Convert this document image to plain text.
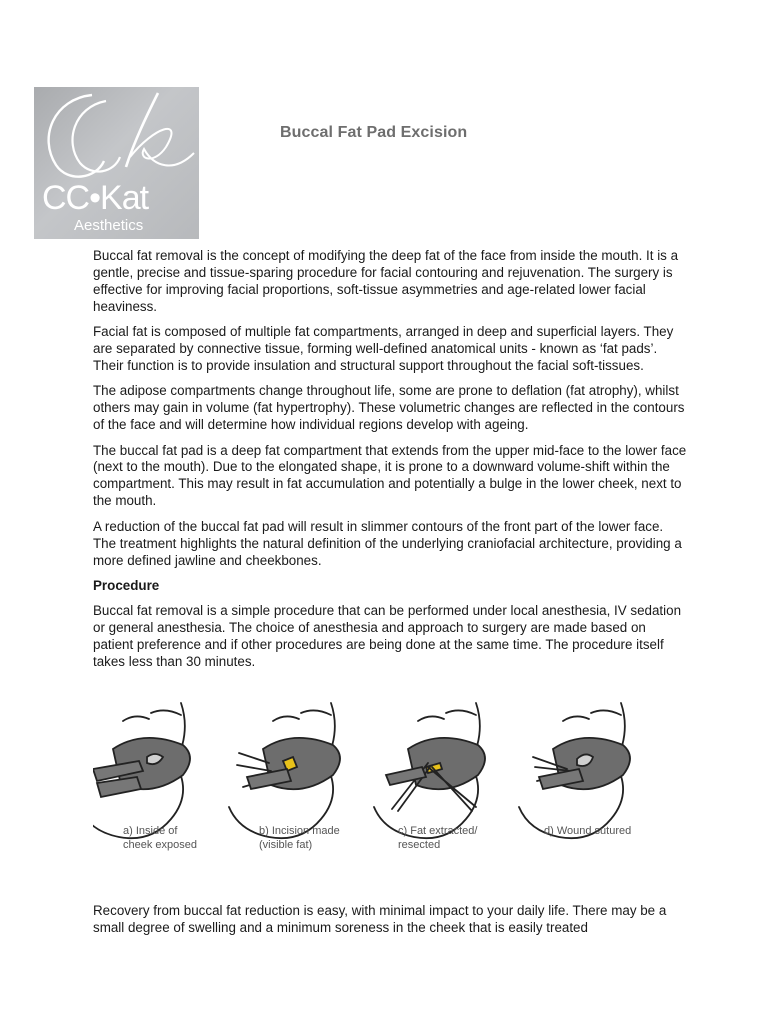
CC•Kat
Aesthetics
Buccal Fat Pad Excision

Buccal fat removal is the concept of modifying the deep fat of the face from inside the mouth. It is a gentle, precise and tissue-sparing procedure for facial contouring and rejuvenation. The surgery is effective for improving facial proportions, soft-tissue asymmetries and age-related lower facial heaviness.

Facial fat is composed of multiple fat compartments, arranged in deep and superficial layers. They are separated by connective tissue, forming well-defined anatomical units - known as ‘fat pads’. Their function is to provide insulation and structural support throughout the facial soft-tissues.

The adipose compartments change throughout life, some are prone to deflation (fat atrophy), whilst others may gain in volume (fat hypertrophy). These volumetric changes are reflected in the contours of the face and will determine how individual regions develop with ageing.

The buccal fat pad is a deep fat compartment that extends from the upper mid-face to the lower face (next to the mouth). Due to the elongated shape, it is prone to a downward volume-shift within the compartment. This may result in fat accumulation and potentially a bulge in the lower cheek, next to the mouth.

A reduction of the buccal fat pad will result in slimmer contours of the front part of the lower face. The treatment highlights the natural definition of the underlying craniofacial architecture, providing a more defined jawline and cheekbones.

Procedure

Buccal fat removal is a simple procedure that can be performed under local anesthesia, IV sedation or general anesthesia. The choice of anesthesia and approach to surgery are made based on patient preference and if other procedures are being done at the same time. The procedure itself takes less than 30 minutes.

a) Inside of
cheek exposed
b) Incision made
(visible fat)
c) Fat extracted/
resected
d) Wound sutured

Recovery from buccal fat reduction is easy, with minimal impact to your daily life. There may be a small degree of swelling and a minimum soreness in the cheek that is easily treated
